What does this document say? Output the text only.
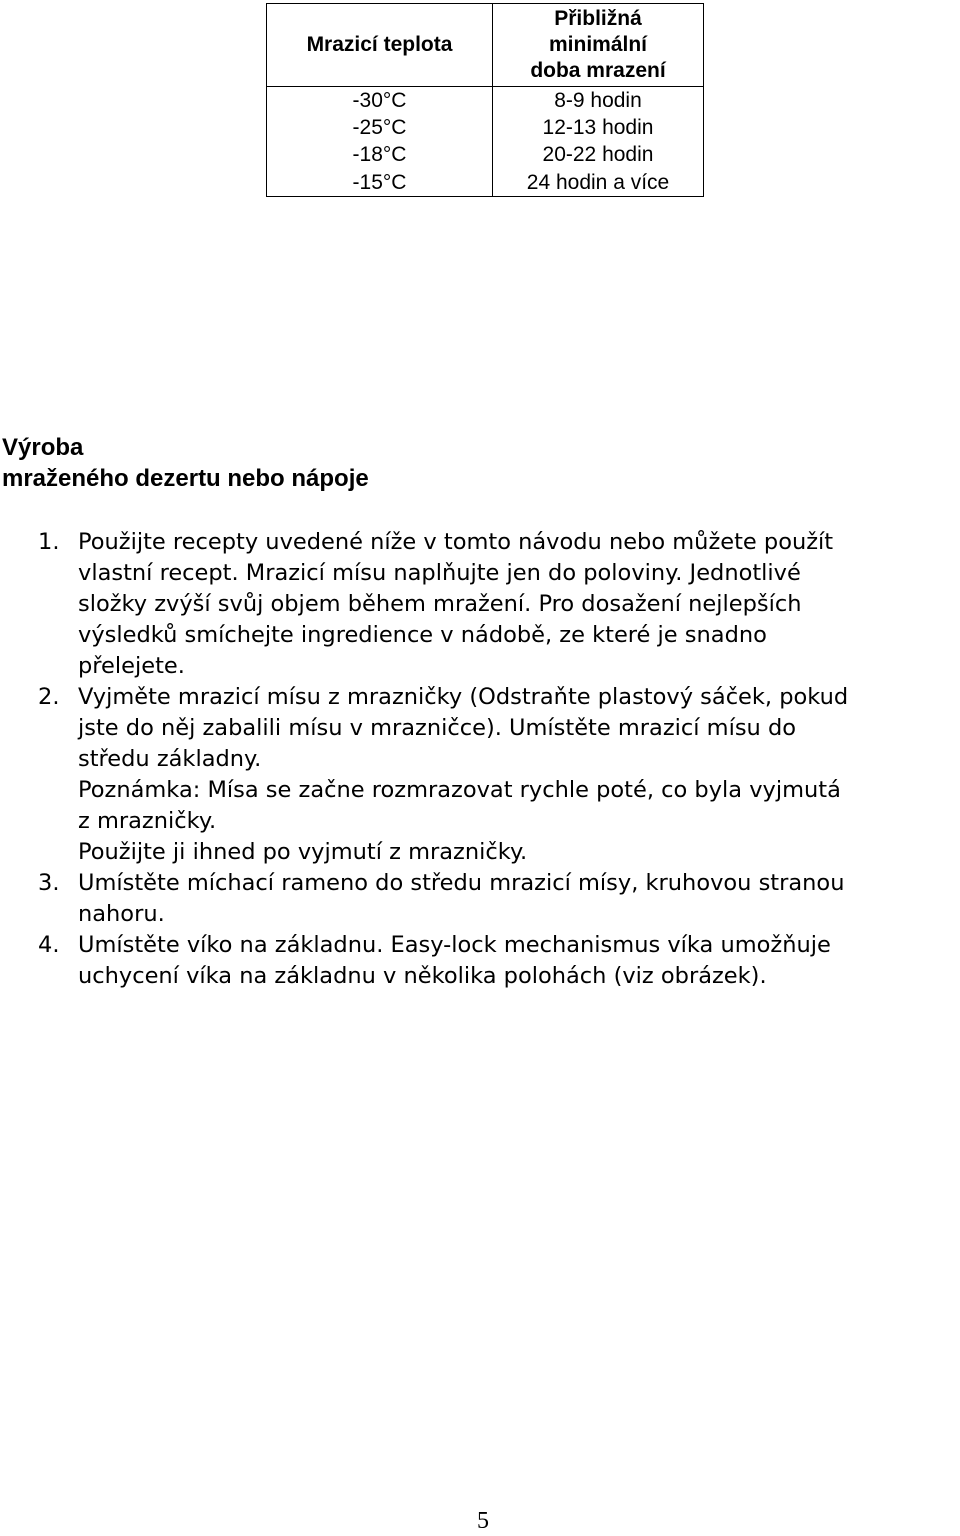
Mrazicí teplota	Přibližná
minimální
doba mrazení

-30°C	8-9 hodin
-25°C	12-13 hodin
-18°C	20-22 hodin
-15°C	24 hodin a více
Výroba
mraženého dezertu nebo nápoje
1. Použijte recepty uvedené níže v tomto návodu nebo můžete použít
vlastní recept. Mrazicí mísu naplňujte jen do poloviny. Jednotlivé
složky zvýší svůj objem během mražení. Pro dosažení nejlepších
výsledků smíchejte ingredience v nádobě, ze které je snadno
přelejete.
2. Vyjměte mrazicí mísu z mrazničky (Odstraňte plastový sáček, pokud
jste do něj zabalili mísu v mrazničce). Umístěte mrazicí mísu do
středu základny.
Poznámka: Mísa se začne rozmrazovat rychle poté, co byla vyjmutá
z mrazničky.
Použijte ji ihned po vyjmutí z mrazničky.
3. Umístěte míchací rameno do středu mrazicí mísy, kruhovou stranou
nahoru.
4. Umístěte víko na základnu. Easy-lock mechanismus víka umožňuje
uchycení víka na základnu v několika polohách (viz obrázek).
5
